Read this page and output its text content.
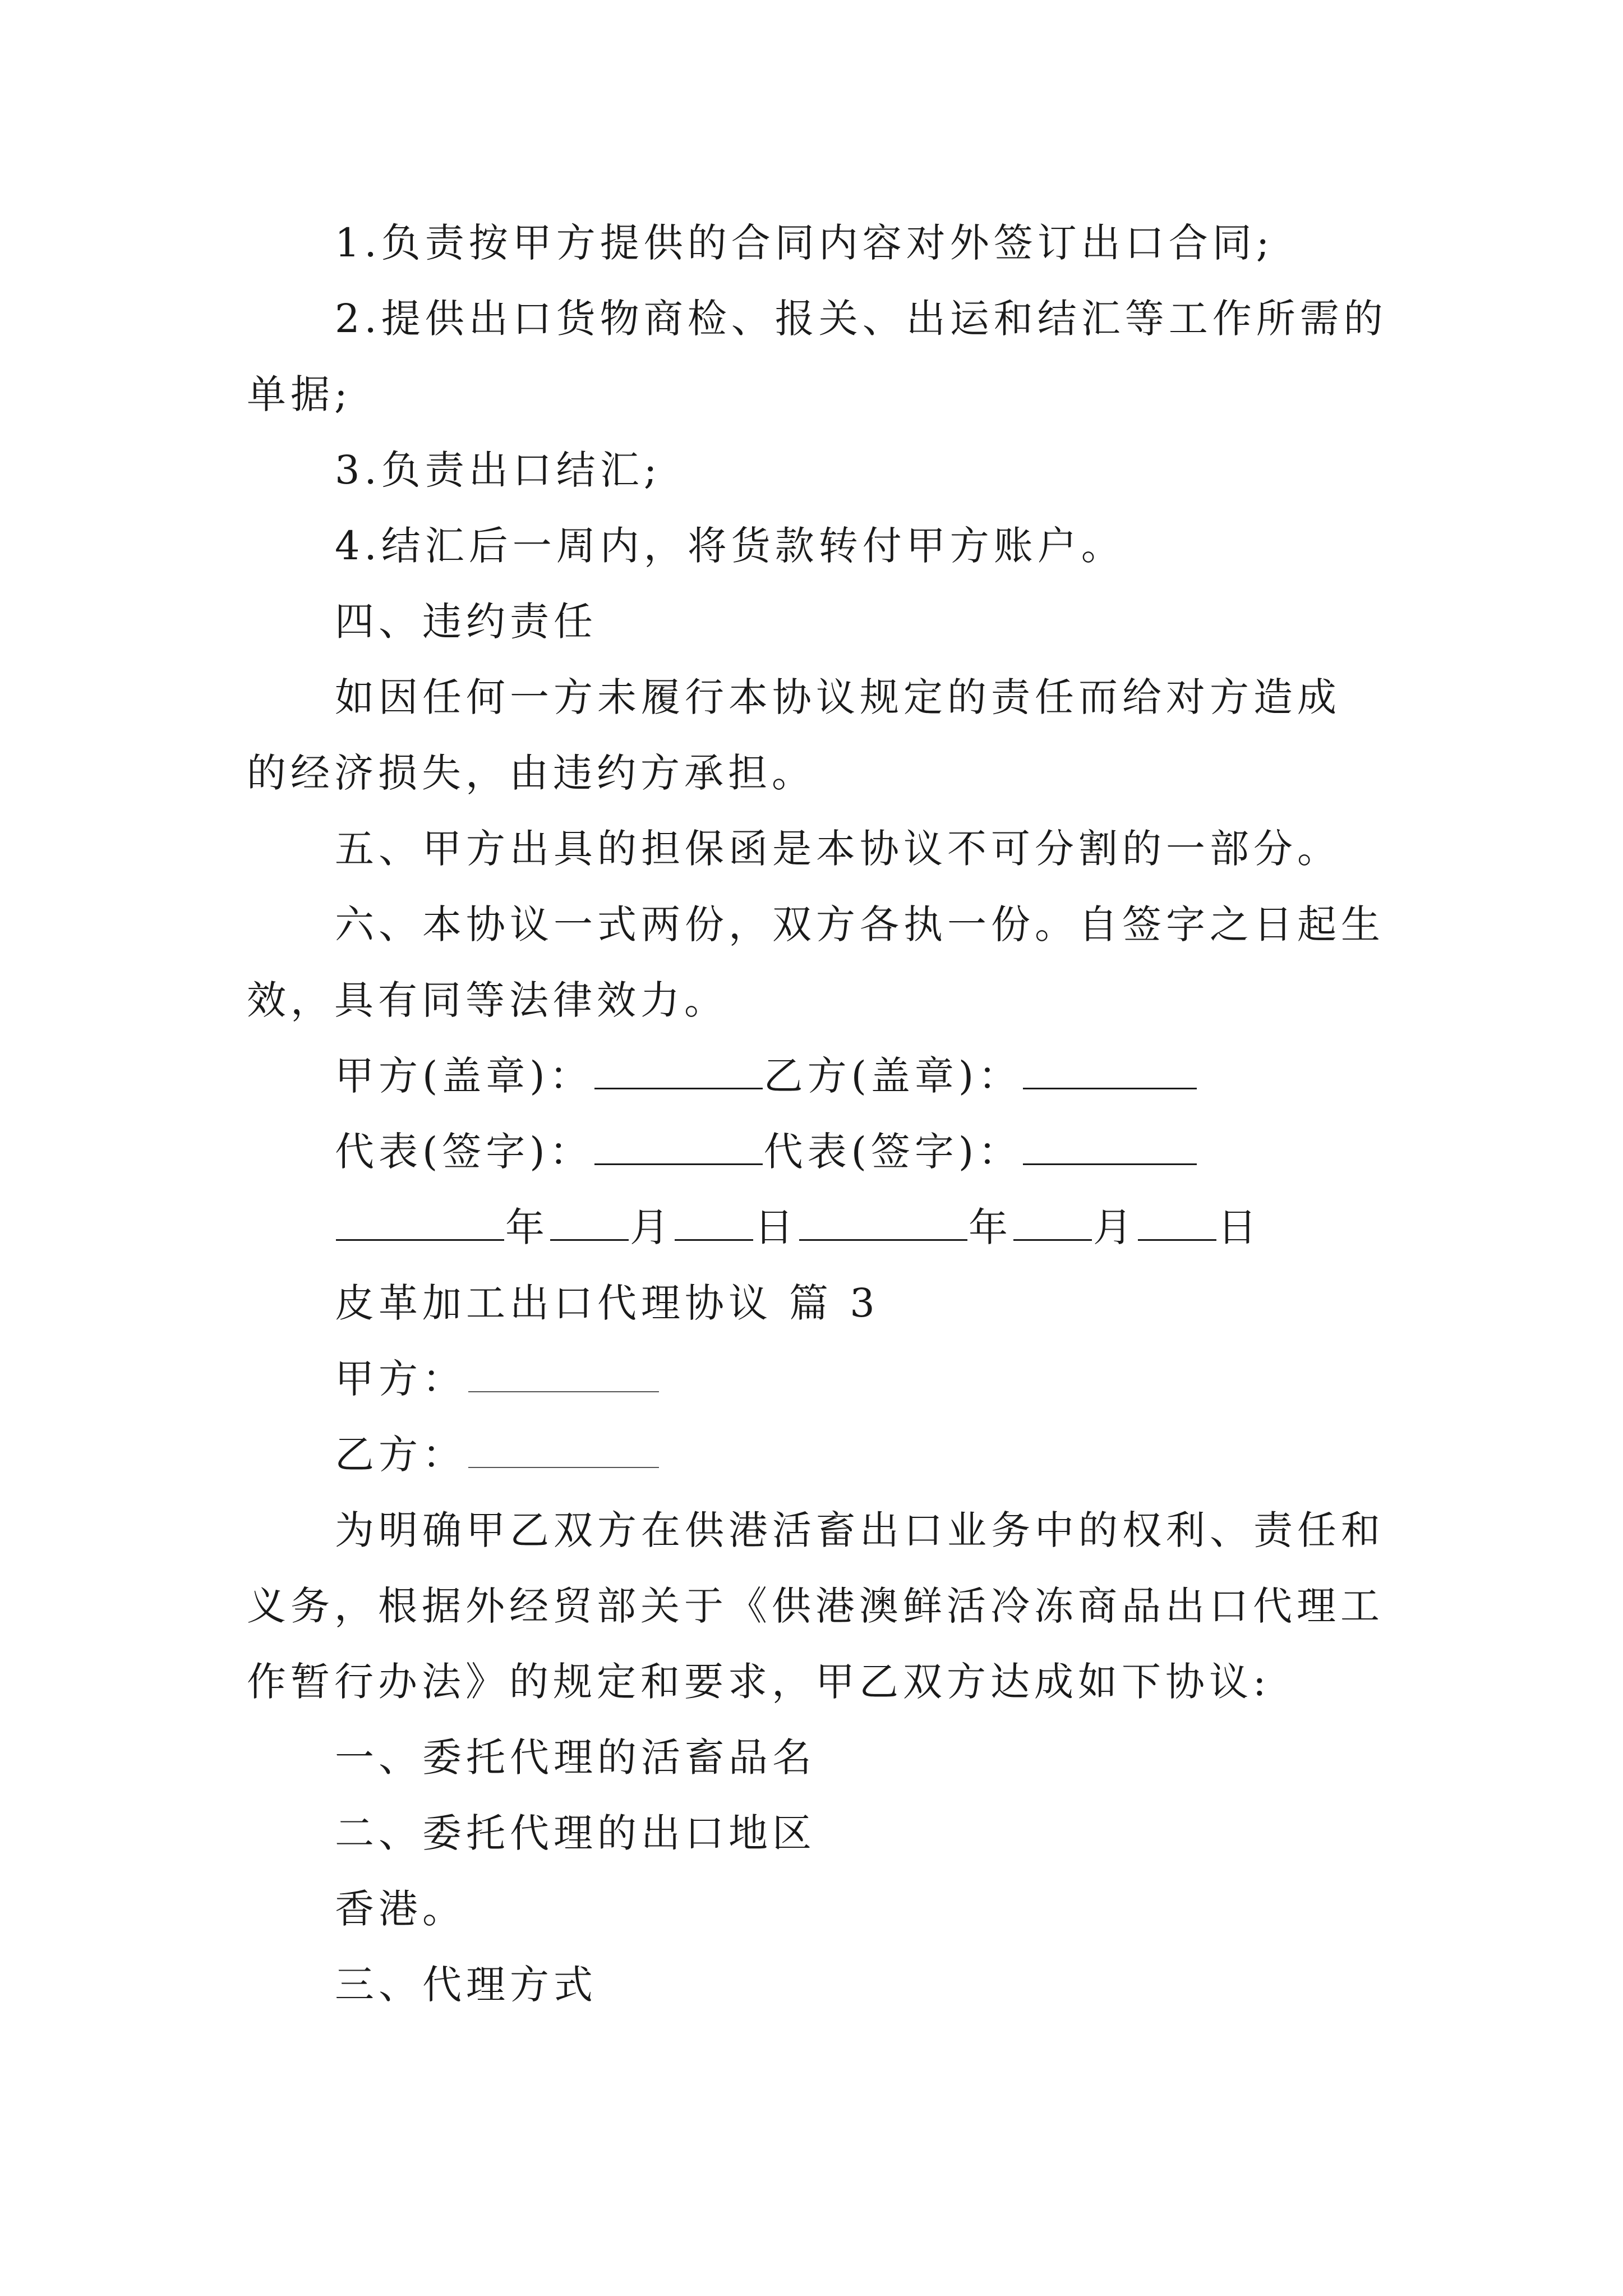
1.负责按甲方提供的合同内容对外签订出口合同;
2.提供出口货物商检、报关、出运和结汇等工作所需的
单据;
3.负责出口结汇;
4.结汇后一周内，将货款转付甲方账户。
四、违约责任
如因任何一方未履行本协议规定的责任而给对方造成
的经济损失，由违约方承担。
五、甲方出具的担保函是本协议不可分割的一部分。
六、本协议一式两份，双方各执一份。自签字之日起生
效，具有同等法律效力。
甲方(盖章)：	乙方(盖章)：
代表(签字)：	代表(签字)：
年 月 日	年 月 日
皮革加工出口代理协议 篇 3
甲方：
乙方：
为明确甲乙双方在供港活畜出口业务中的权利、责任和
义务，根据外经贸部关于《供港澳鲜活冷冻商品出口代理工
作暂行办法》的规定和要求，甲乙双方达成如下协议:
一、委托代理的活畜品名
二、委托代理的出口地区
香港。
三、代理方式
